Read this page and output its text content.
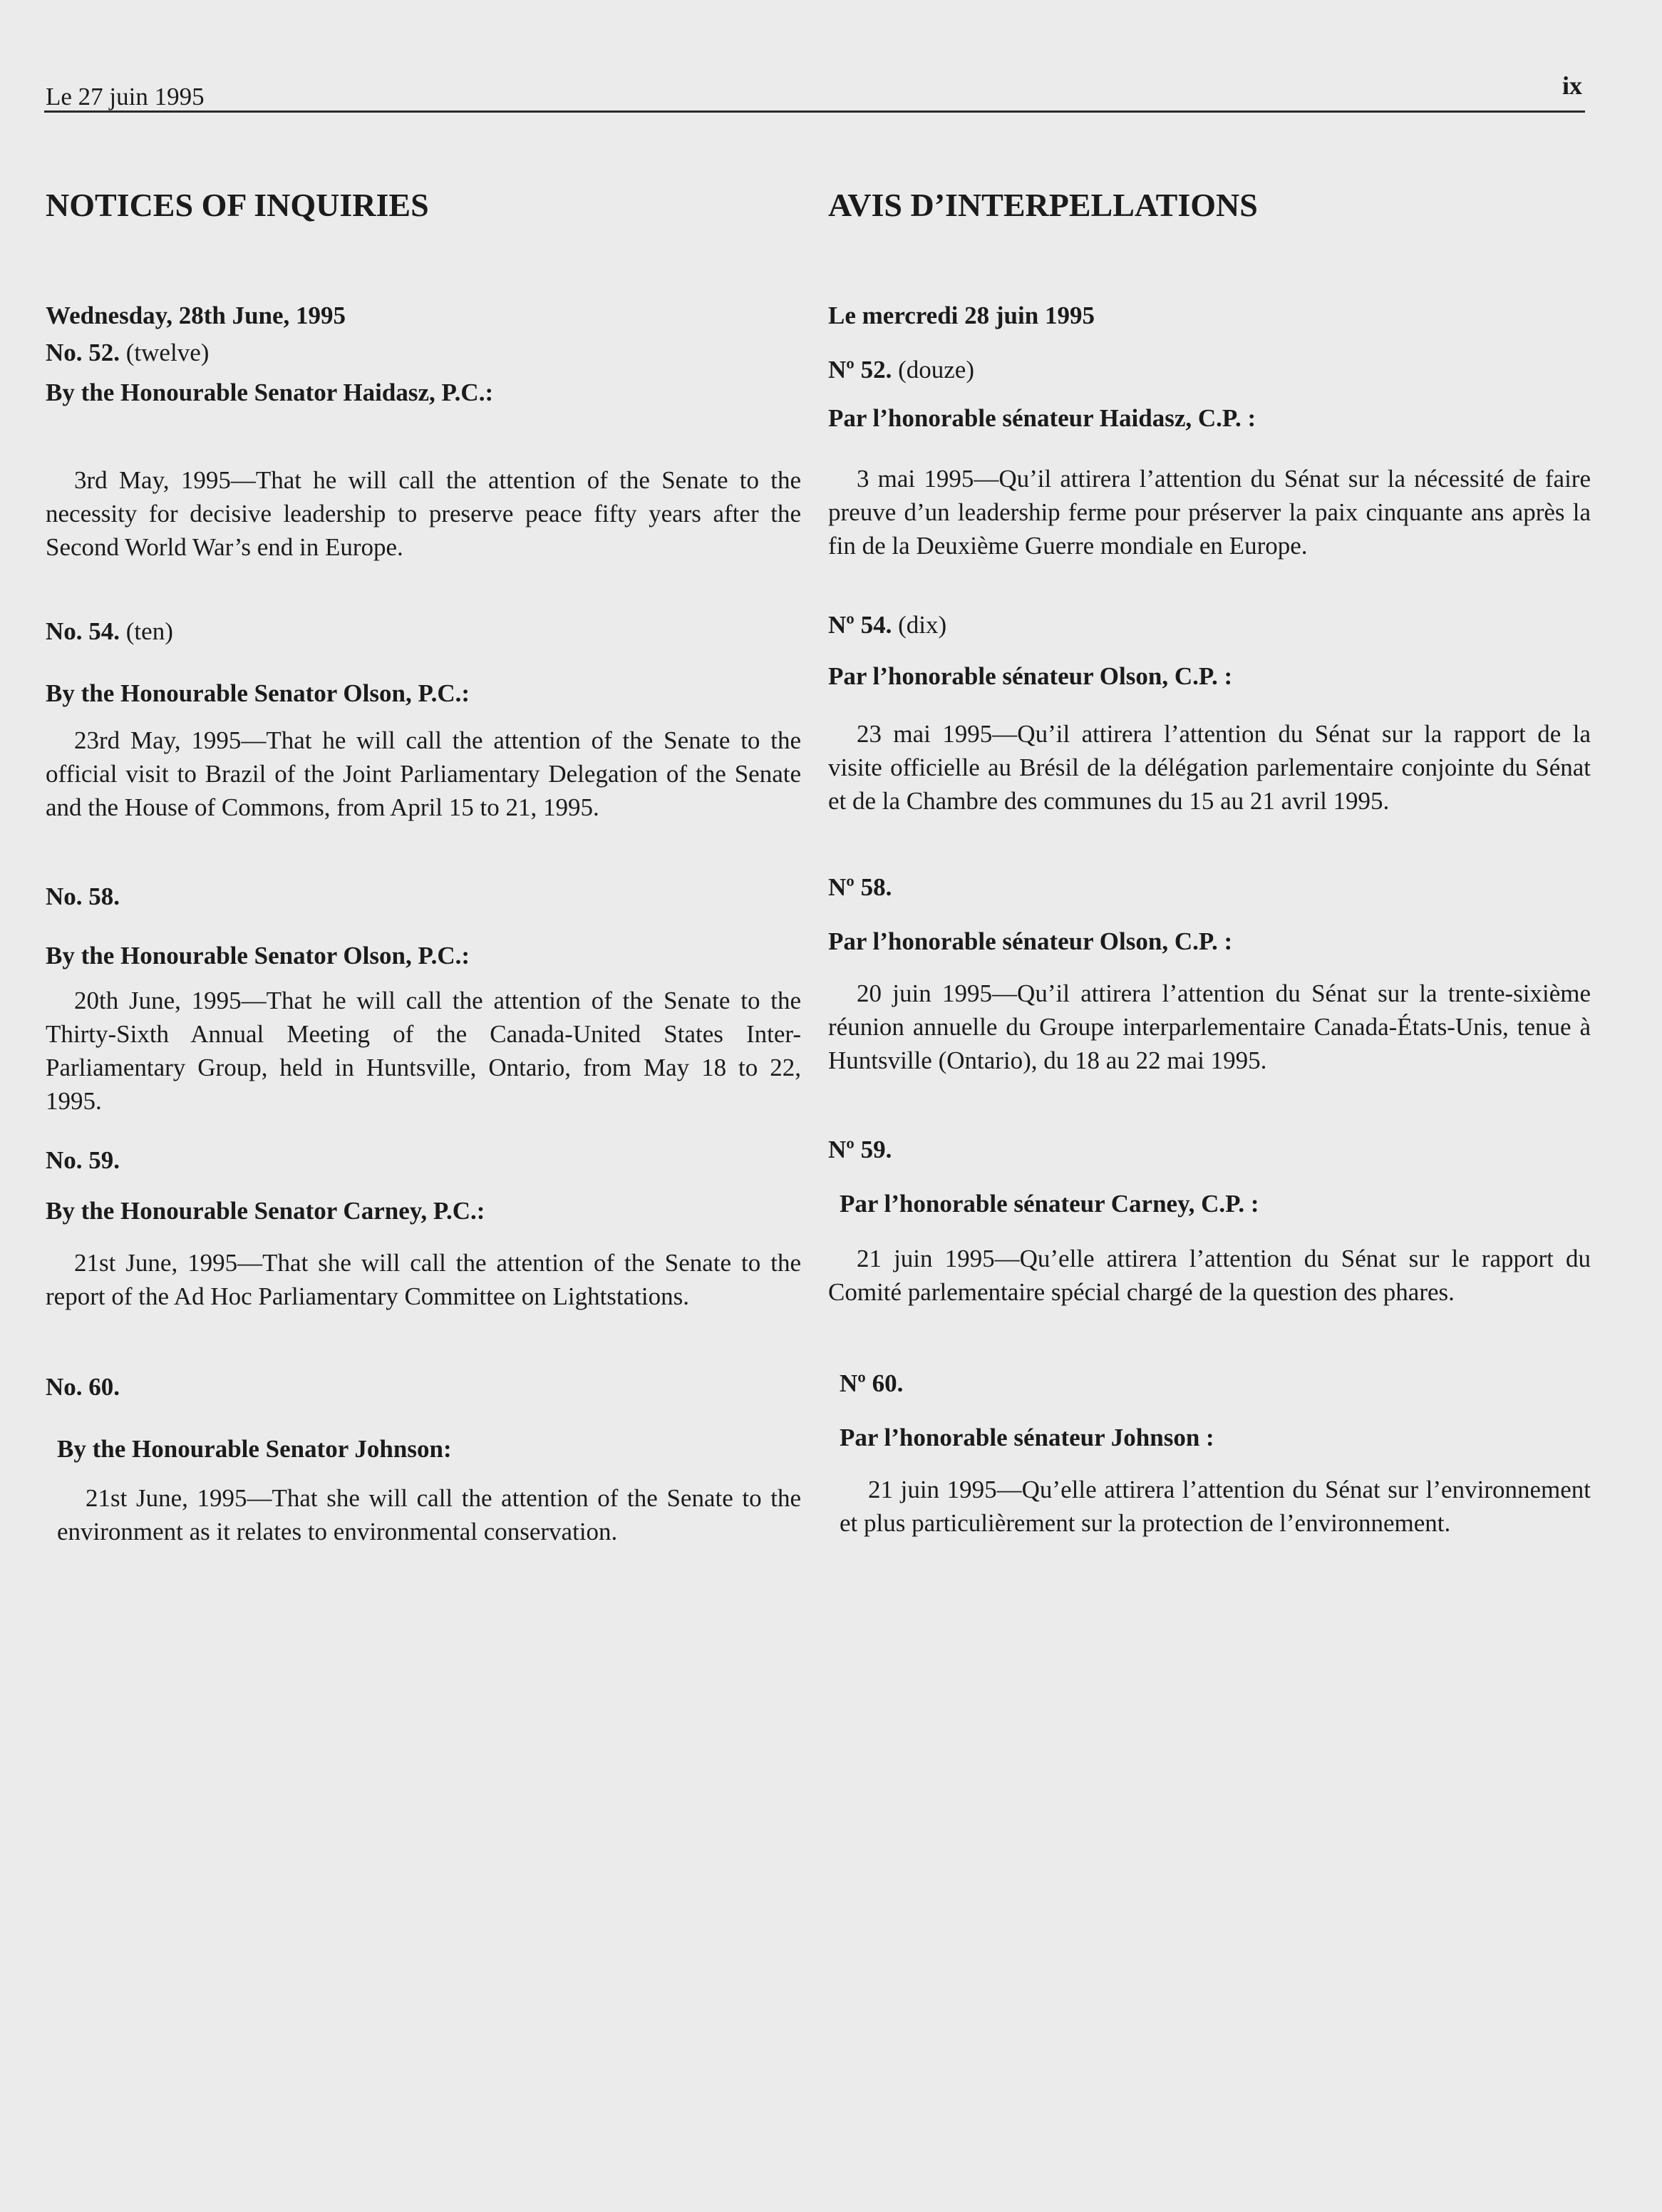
Le 27 juin 1995	ix
NOTICES OF INQUIRIES
Wednesday, 28th June, 1995
No. 52. (twelve)
By the Honourable Senator Haidasz, P.C.:

3rd May, 1995—That he will call the attention of the Senate to the necessity for decisive leadership to preserve peace fifty years after the Second World War’s end in Europe.

No. 54. (ten)
By the Honourable Senator Olson, P.C.:

23rd May, 1995—That he will call the attention of the Senate to the official visit to Brazil of the Joint Parliamentary Delegation of the Senate and the House of Commons, from April 15 to 21, 1995.

No. 58.
By the Honourable Senator Olson, P.C.:

20th June, 1995—That he will call the attention of the Senate to the Thirty-Sixth Annual Meeting of the Canada-United States Inter-Parliamentary Group, held in Huntsville, Ontario, from May 18 to 22, 1995.

No. 59.
By the Honourable Senator Carney, P.C.:

21st June, 1995—That she will call the attention of the Senate to the report of the Ad Hoc Parliamentary Committee on Lightstations.

No. 60.
By the Honourable Senator Johnson:

21st June, 1995—That she will call the attention of the Senate to the environment as it relates to environmental conservation.

AVIS D’INTERPELLATIONS
Le mercredi 28 juin 1995
Nº 52. (douze)
Par l’honorable sénateur Haidasz, C.P. :

3 mai 1995—Qu’il attirera l’attention du Sénat sur la nécessité de faire preuve d’un leadership ferme pour préserver la paix cinquante ans après la fin de la Deuxième Guerre mondiale en Europe.

Nº 54. (dix)
Par l’honorable sénateur Olson, C.P. :

23 mai 1995—Qu’il attirera l’attention du Sénat sur la rapport de la visite officielle au Brésil de la délégation parlementaire conjointe du Sénat et de la Chambre des communes du 15 au 21 avril 1995.

Nº 58.
Par l’honorable sénateur Olson, C.P. :

20 juin 1995—Qu’il attirera l’attention du Sénat sur la trente-sixième réunion annuelle du Groupe interparlementaire Canada-États-Unis, tenue à Huntsville (Ontario), du 18 au 22 mai 1995.

Nº 59.
Par l’honorable sénateur Carney, C.P. :

21 juin 1995—Qu’elle attirera l’attention du Sénat sur le rapport du Comité parlementaire spécial chargé de la question des phares.

Nº 60.
Par l’honorable sénateur Johnson :

21 juin 1995—Qu’elle attirera l’attention du Sénat sur l’environnement et plus particulièrement sur la protection de l’environnement.
